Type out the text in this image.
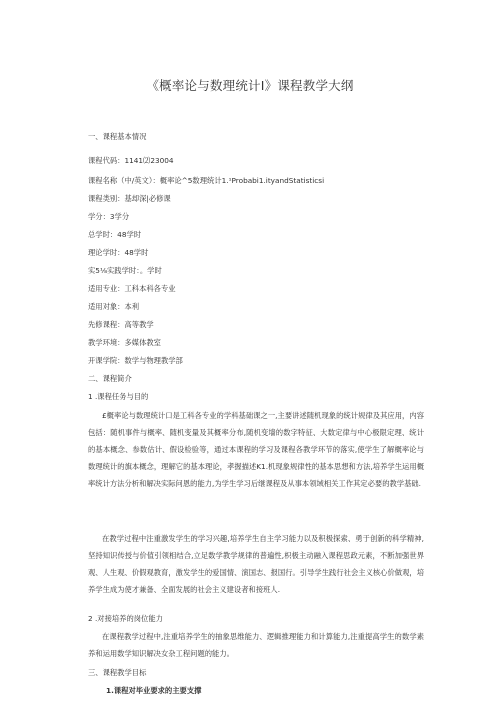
《概率论与数理统计Ⅰ》课程教学大纲
一、课程基本情况
课程代码：1141⑵23004
课程名称（中/英文）：概率论^5数理统计1.¹Probabi1.ityandStatisticsi
课程类别：基却深|必修课
学分：3学分
总学时：48学时
理论学时：48学时
实5⅛实践学时：。学时
适用专业：工科本科各专业
适用对象：本利
先修课程：高等教学
教学环境：多媒体教室
开课学院：数学与物理教学部
二、课程简介
1 .课程任务与目的
£概率论与数理统计口是工科各专业的学科基础课之一,主要讲述随机现象的统计规律及其应用，内容包括：随机事件与概率、随机变量及其概率分布,随机变墙的数字特征、大数定律与中心极限定理、统计的基本概念、参数估计、假设检验等，通过本课程的学习及课程各教学环节的落实,使学生了解概率论与数理统计的旗本概念，理解它的基本理论，孝握描述K1.机现象规律性的基本思想和方法,培养学生运用概率统计方法分析和解决实际问恩的能力,为学生学习后继课程及从事本领域相关工作其定必要的教学基础.
在教学过程中注重激发学生的学习兴趣,培养学生自主学习能力以及积极探索、勇于创新的科学精神,坚持知识传授与价值引领相结合,立足数学教学规律的普遍性,枳极主动融入课程思政元素，不断加强世界观、人生观、价假观教育，激发学生的爱国情、演国志、报国行。引导学生践行社会主义核心价做观，培养学生成为使才兼备、全面发展的社会主义建设者和接班人.
2 .对接培养的岗位能力
在课程教学过程中,注重培养学生的抽象思维能力、逻辑推理能力和计算能力,注重提高学生的数学素养和运用数学知识解决女杂工程问题的能力。
三、课程教学目标
1.课程对毕业要求的主要支撑
